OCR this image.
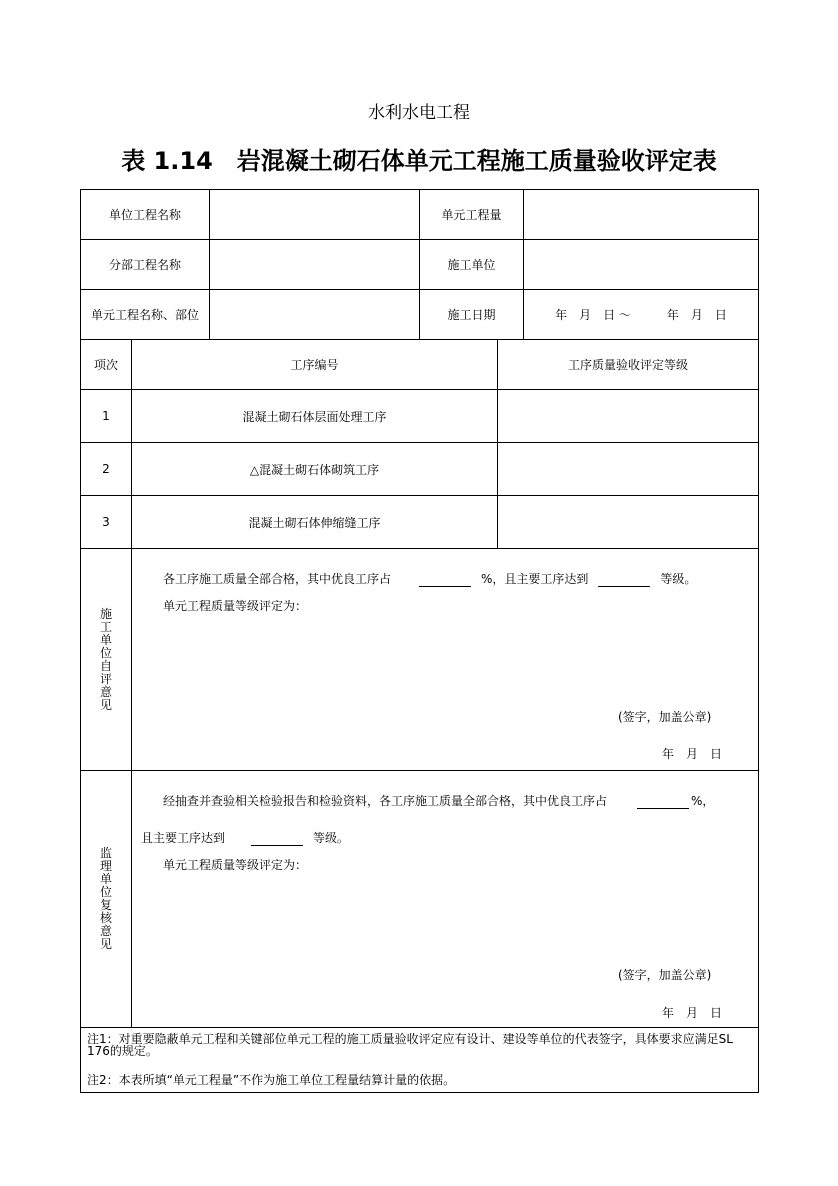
水利水电工程
表 1.14　岩混凝土砌石体单元工程施工质量验收评定表
单位工程名称	单元工程量
分部工程名称	施工单位
单元工程名称、部位	施工日期	年　月　日 ～　　　年　月　日
项次	工序编号	工序质量验收评定等级
1	混凝土砌石体层面处理工序
2	△混凝土砌石体砌筑工序
3	混凝土砌石体伸缩缝工序
施工单位自评意见
各工序施工质量全部合格，其中优良工序占	%，且主要工序达到	等级。
单元工程质量等级评定为：
(签字，加盖公章)
年　月　日
监理单位复核意见
经抽查并查验相关检验报告和检验资料，各工序施工质量全部合格，其中优良工序占	%，
且主要工序达到	等级。
单元工程质量等级评定为：
(签字，加盖公章)
年　月　日
注1：对重要隐蔽单元工程和关键部位单元工程的施工质量验收评定应有设计、建设等单位的代表签字，具体要求应满足SL 176的规定。
注2：本表所填“单元工程量”不作为施工单位工程量结算计量的依据。
